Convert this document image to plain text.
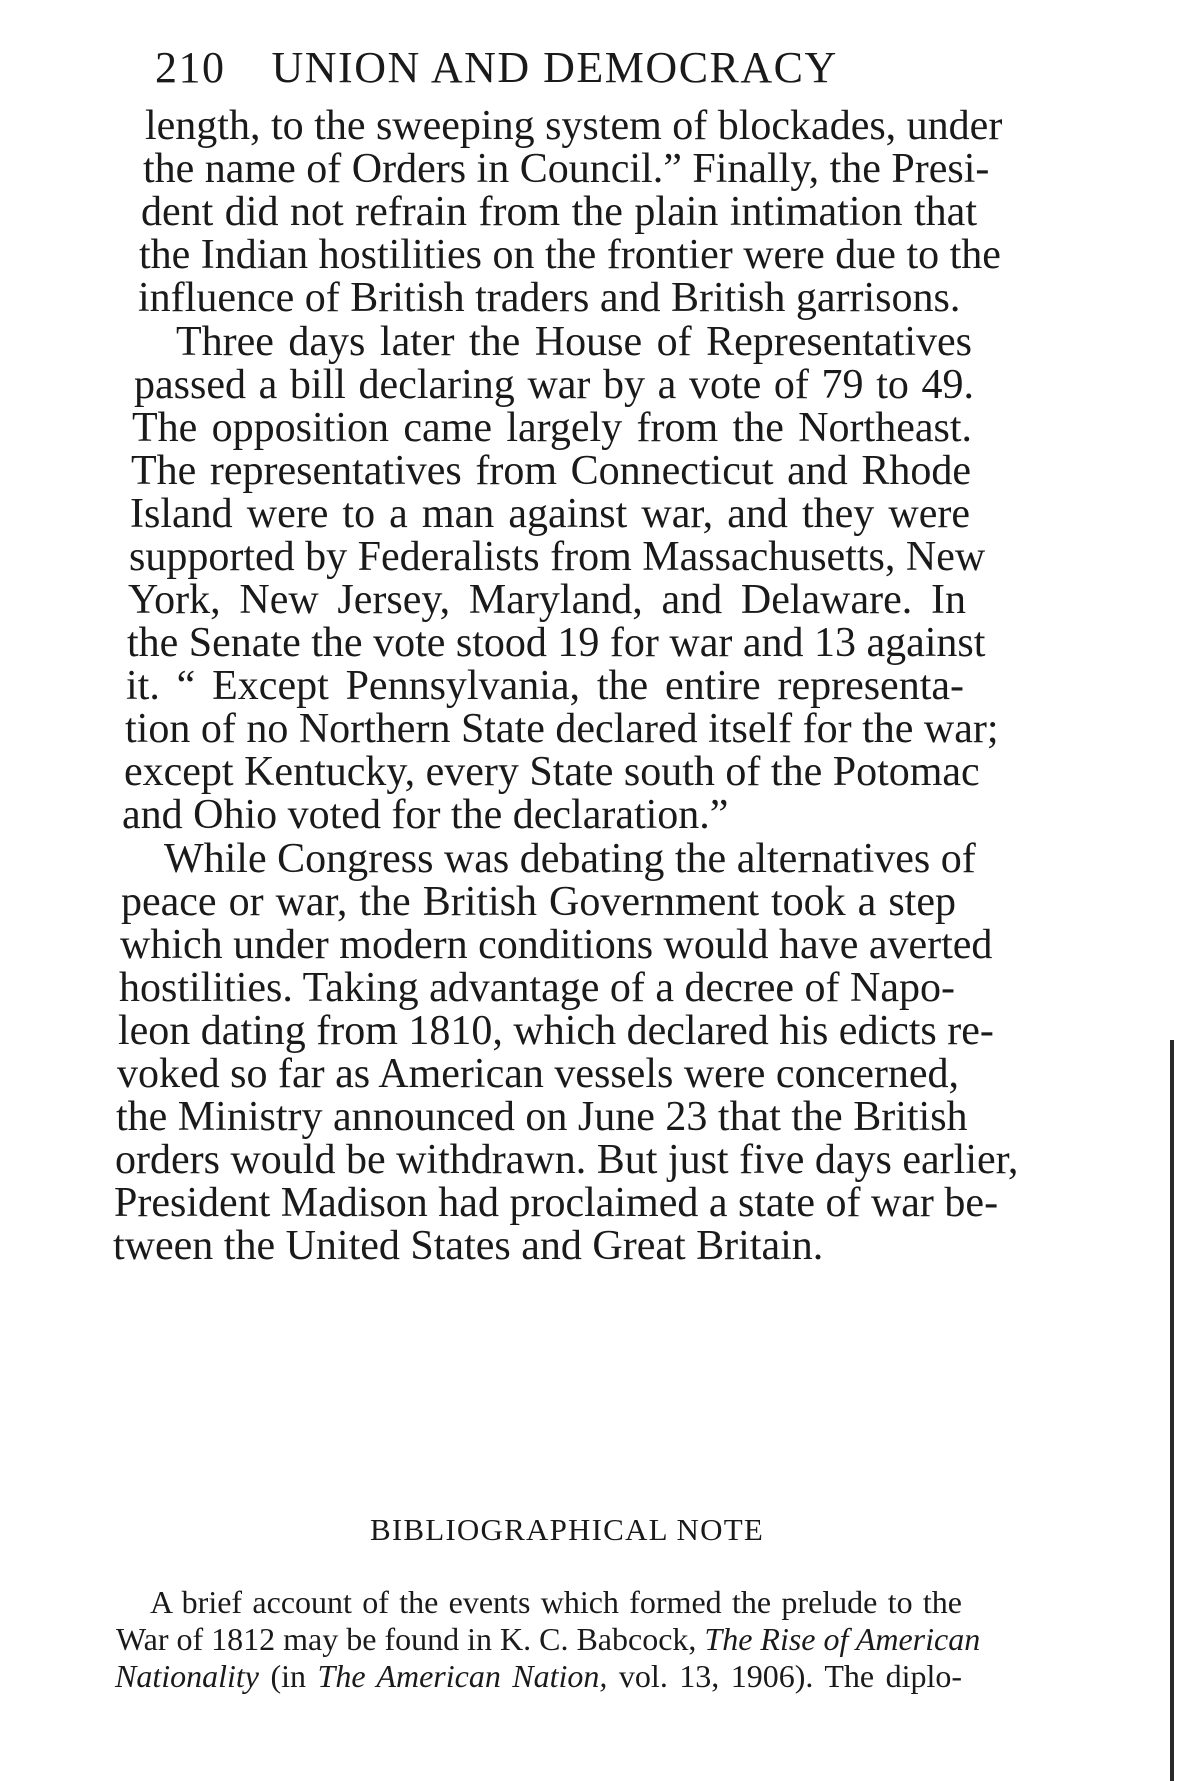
210 UNION AND DEMOCRACY
length, to the sweeping system of blockades, under
the name of Orders in Council.” Finally, the Presi-
dent did not refrain from the plain intimation that
the Indian hostilities on the frontier were due to the
influence of British traders and British garrisons.
Three days later the House of Representatives
passed a bill declaring war by a vote of 79 to 49.
The opposition came largely from the Northeast.
The representatives from Connecticut and Rhode
Island were to a man against war, and they were
supported by Federalists from Massachusetts, New
York, New Jersey, Maryland, and Delaware. In
the Senate the vote stood 19 for war and 13 against
it. “ Except Pennsylvania, the entire representa-
tion of no Northern State declared itself for the war;
except Kentucky, every State south of the Potomac
and Ohio voted for the declaration.”
While Congress was debating the alternatives of
peace or war, the British Government took a step
which under modern conditions would have averted
hostilities. Taking advantage of a decree of Napo-
leon dating from 1810, which declared his edicts re-
voked so far as American vessels were concerned,
the Ministry announced on June 23 that the British
orders would be withdrawn. But just five days earlier,
President Madison had proclaimed a state of war be-
tween the United States and Great Britain.
BIBLIOGRAPHICAL NOTE
A brief account of the events which formed the prelude to the
War of 1812 may be found in K. C. Babcock, The Rise of American
Nationality (in The American Nation, vol. 13, 1906). The diplo-
